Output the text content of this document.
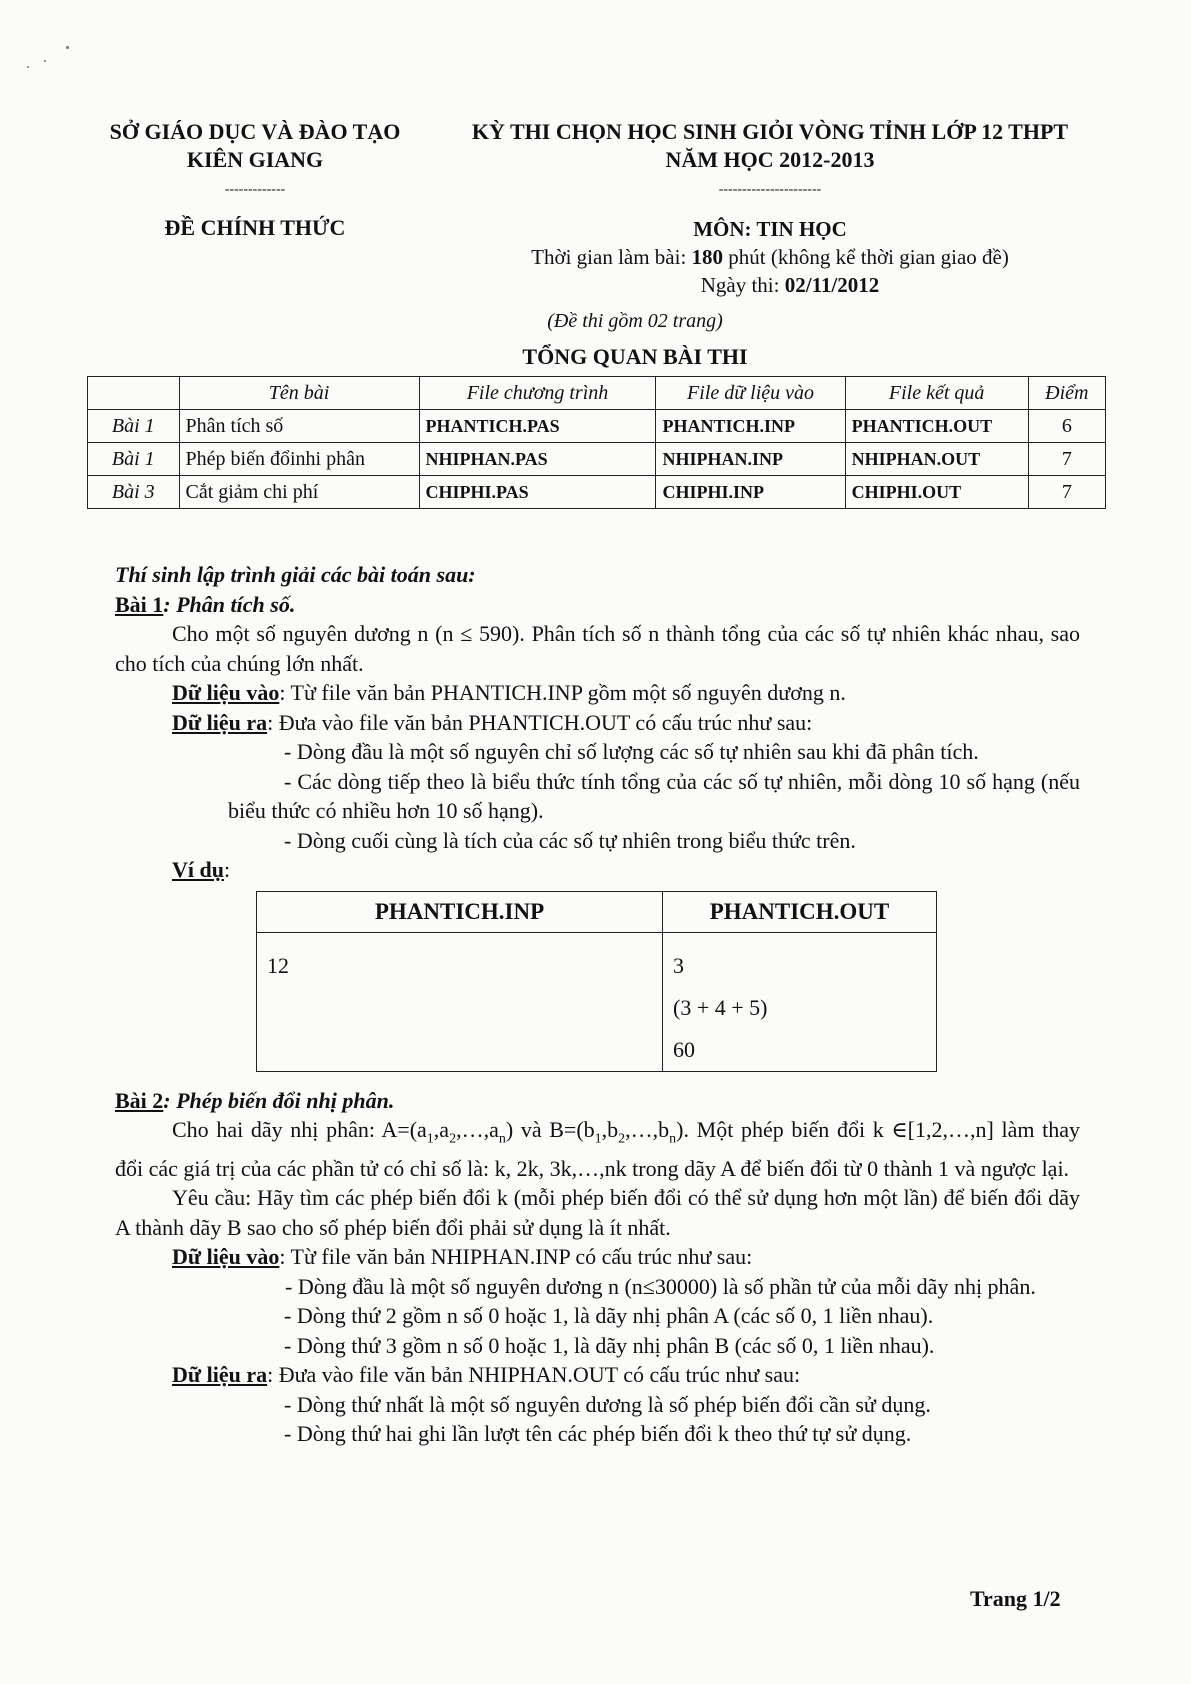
SỞ GIÁO DỤC VÀ ĐÀO TẠO
KIÊN GIANG
-------------
KỲ THI CHỌN HỌC SINH GIỎI VÒNG TỈNH LỚP 12 THPT
NĂM HỌC 2012-2013
----------------------
ĐỀ CHÍNH THỨC	MÔN: TIN HỌC
Thời gian làm bài: 180 phút (không kể thời gian giao đề)
Ngày thi: 02/11/2012
(Đề thi gồm 02 trang)
TỔNG QUAN BÀI THI
	Tên bài	File chương trình	File dữ liệu vào	File kết quả	Điểm
Bài 1	Phân tích số	PHANTICH.PAS	PHANTICH.INP	PHANTICH.OUT	6
Bài 1	Phép biến đổinhi phân	NHIPHAN.PAS	NHIPHAN.INP	NHIPHAN.OUT	7
Bài 3	Cắt giảm chi phí	CHIPHI.PAS	CHIPHI.INP	CHIPHI.OUT	7

Thí sinh lập trình giải các bài toán sau:

Bài 1: Phân tích số.

Cho một số nguyên dương n (n ≤ 590). Phân tích số n thành tổng của các số tự nhiên khác nhau, sao cho tích của chúng lớn nhất.

Dữ liệu vào: Từ file văn bản PHANTICH.INP gồm một số nguyên dương n.

Dữ liệu ra: Đưa vào file văn bản PHANTICH.OUT có cấu trúc như sau:

- Dòng đầu là một số nguyên chỉ số lượng các số tự nhiên sau khi đã phân tích.

- Các dòng tiếp theo là biểu thức tính tổng của các số tự nhiên, mỗi dòng 10 số hạng (nếu biểu thức có nhiều hơn 10 số hạng).

- Dòng cuối cùng là tích của các số tự nhiên trong biểu thức trên.

Ví dụ:

PHANTICH.INP	PHANTICH.OUT

12	3
(3 + 4 + 5)
60

Bài 2: Phép biến đổi nhị phân.

Cho hai dãy nhị phân: $A=(a_1,a_2,\dots,a_n)$ và $B=(b_1,b_2,\dots,b_n)$. Một phép biến đổi k ∈[1,2,…,n] làm thay đổi các giá trị của các phần tử có chỉ số là: k, 2k, 3k,…,nk trong dãy A để biến đổi từ 0 thành 1 và ngược lại.

Yêu cầu: Hãy tìm các phép biến đổi k (mỗi phép biến đổi có thể sử dụng hơn một lần) để biến đổi dãy A thành dãy B sao cho số phép biến đổi phải sử dụng là ít nhất.

Dữ liệu vào: Từ file văn bản NHIPHAN.INP có cấu trúc như sau:

- Dòng đầu là một số nguyên dương n (n≤30000) là số phần tử của mỗi dãy nhị phân.

- Dòng thứ 2 gồm n số 0 hoặc 1, là dãy nhị phân A (các số 0, 1 liền nhau).

- Dòng thứ 3 gồm n số 0 hoặc 1, là dãy nhị phân B (các số 0, 1 liền nhau).

Dữ liệu ra: Đưa vào file văn bản NHIPHAN.OUT có cấu trúc như sau:

- Dòng thứ nhất là một số nguyên dương là số phép biến đổi cần sử dụng.

- Dòng thứ hai ghi lần lượt tên các phép biến đổi k theo thứ tự sử dụng.

Trang 1/2
